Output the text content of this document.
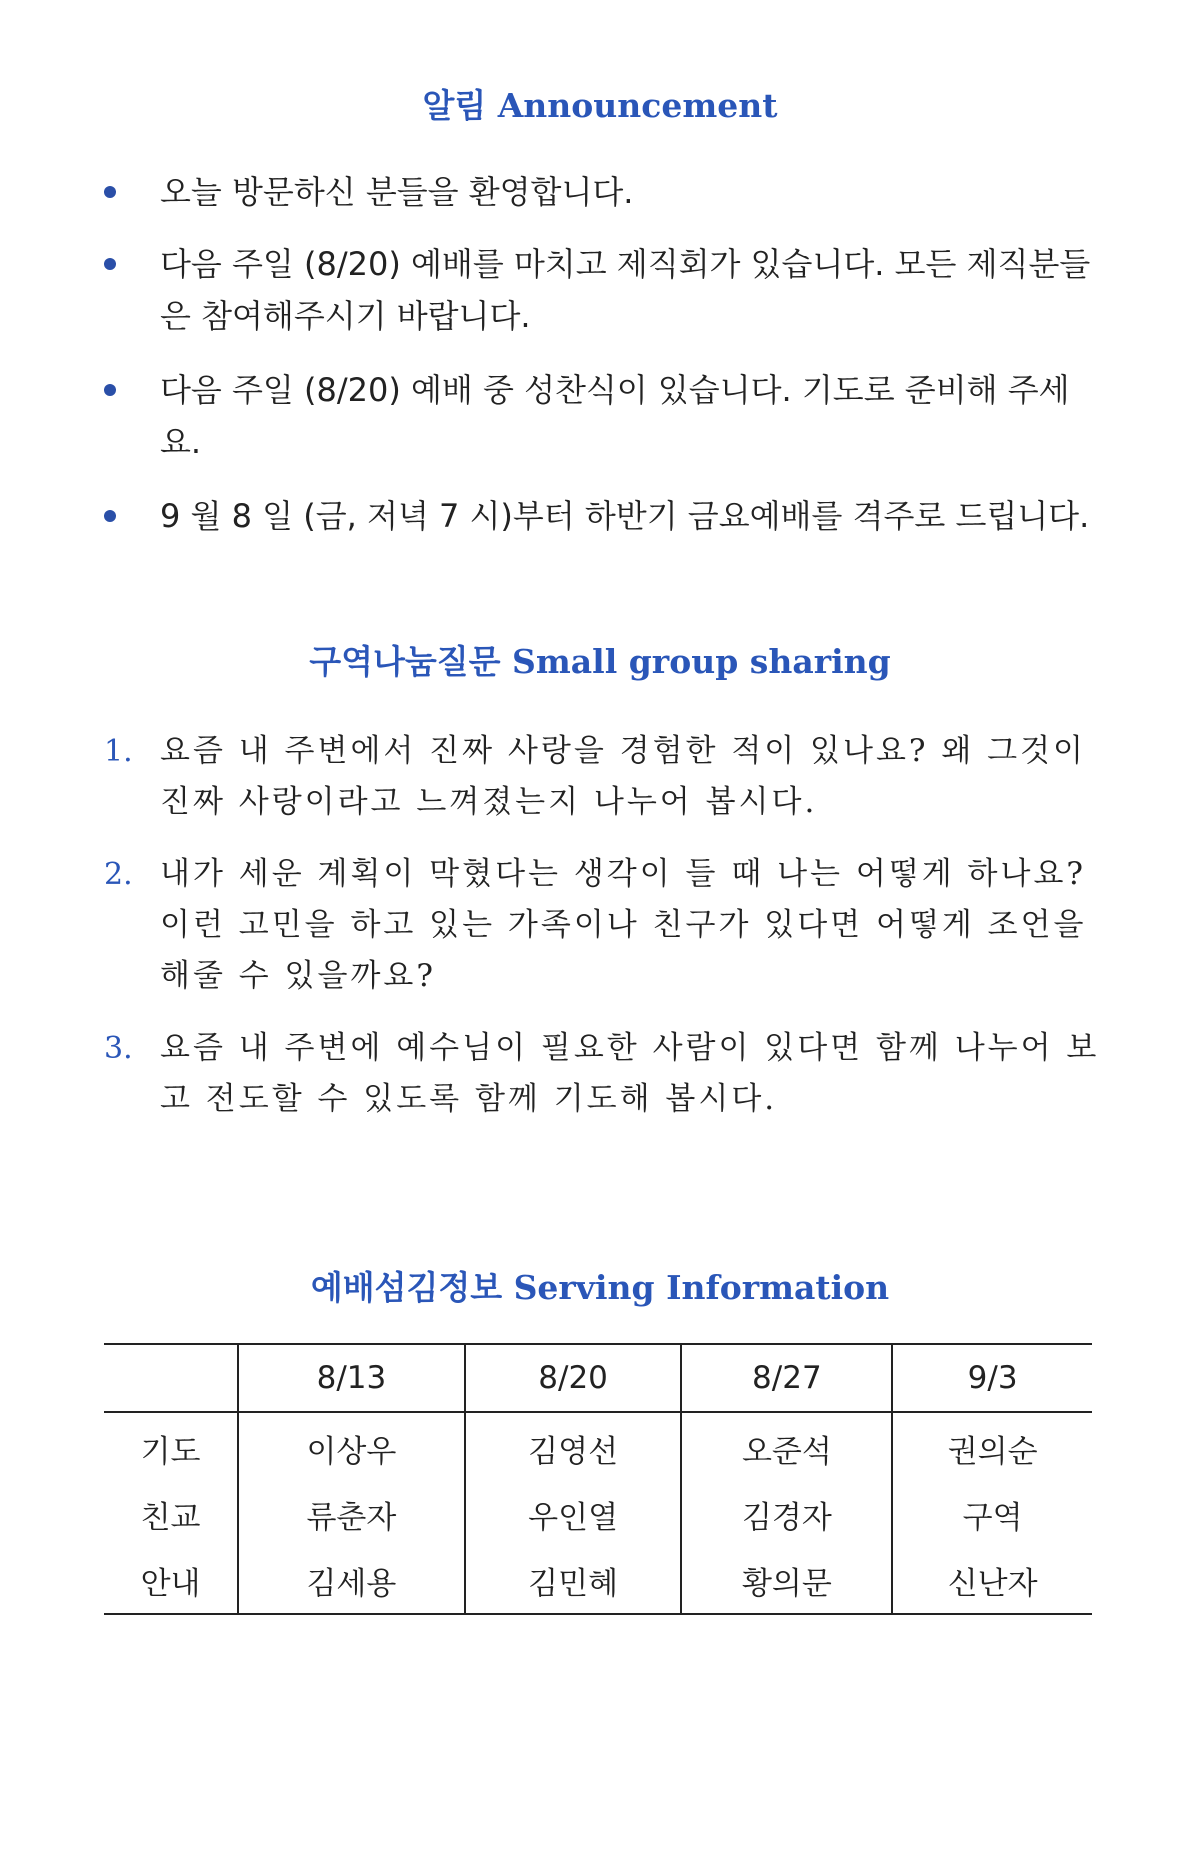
알림 Announcement
오늘 방문하신 분들을 환영합니다.
다음 주일 (8/20) 예배를 마치고 제직회가 있습니다. 모든 제직분들은 참여해주시기 바랍니다.
다음 주일 (8/20) 예배 중 성찬식이 있습니다. 기도로 준비해 주세요.
9 월 8 일 (금, 저녁 7 시)부터 하반기 금요예배를 격주로 드립니다.
구역나눔질문 Small group sharing
1. 요즘 내 주변에서 진짜 사랑을 경험한 적이 있나요? 왜 그것이 진짜 사랑이라고 느껴졌는지 나누어 봅시다.
2. 내가 세운 계획이 막혔다는 생각이 들 때 나는 어떻게 하나요? 이런 고민을 하고 있는 가족이나 친구가 있다면 어떻게 조언을 해줄 수 있을까요?
3. 요즘 내 주변에 예수님이 필요한 사람이 있다면 함께 나누어 보고 전도할 수 있도록 함께 기도해 봅시다.
예배섬김정보 Serving Information
	8/13	8/20	8/27	9/3
기도	이상우	김영선	오준석	권의순
친교	류춘자	우인열	김경자	구역
안내	김세용	김민혜	황의문	신난자
